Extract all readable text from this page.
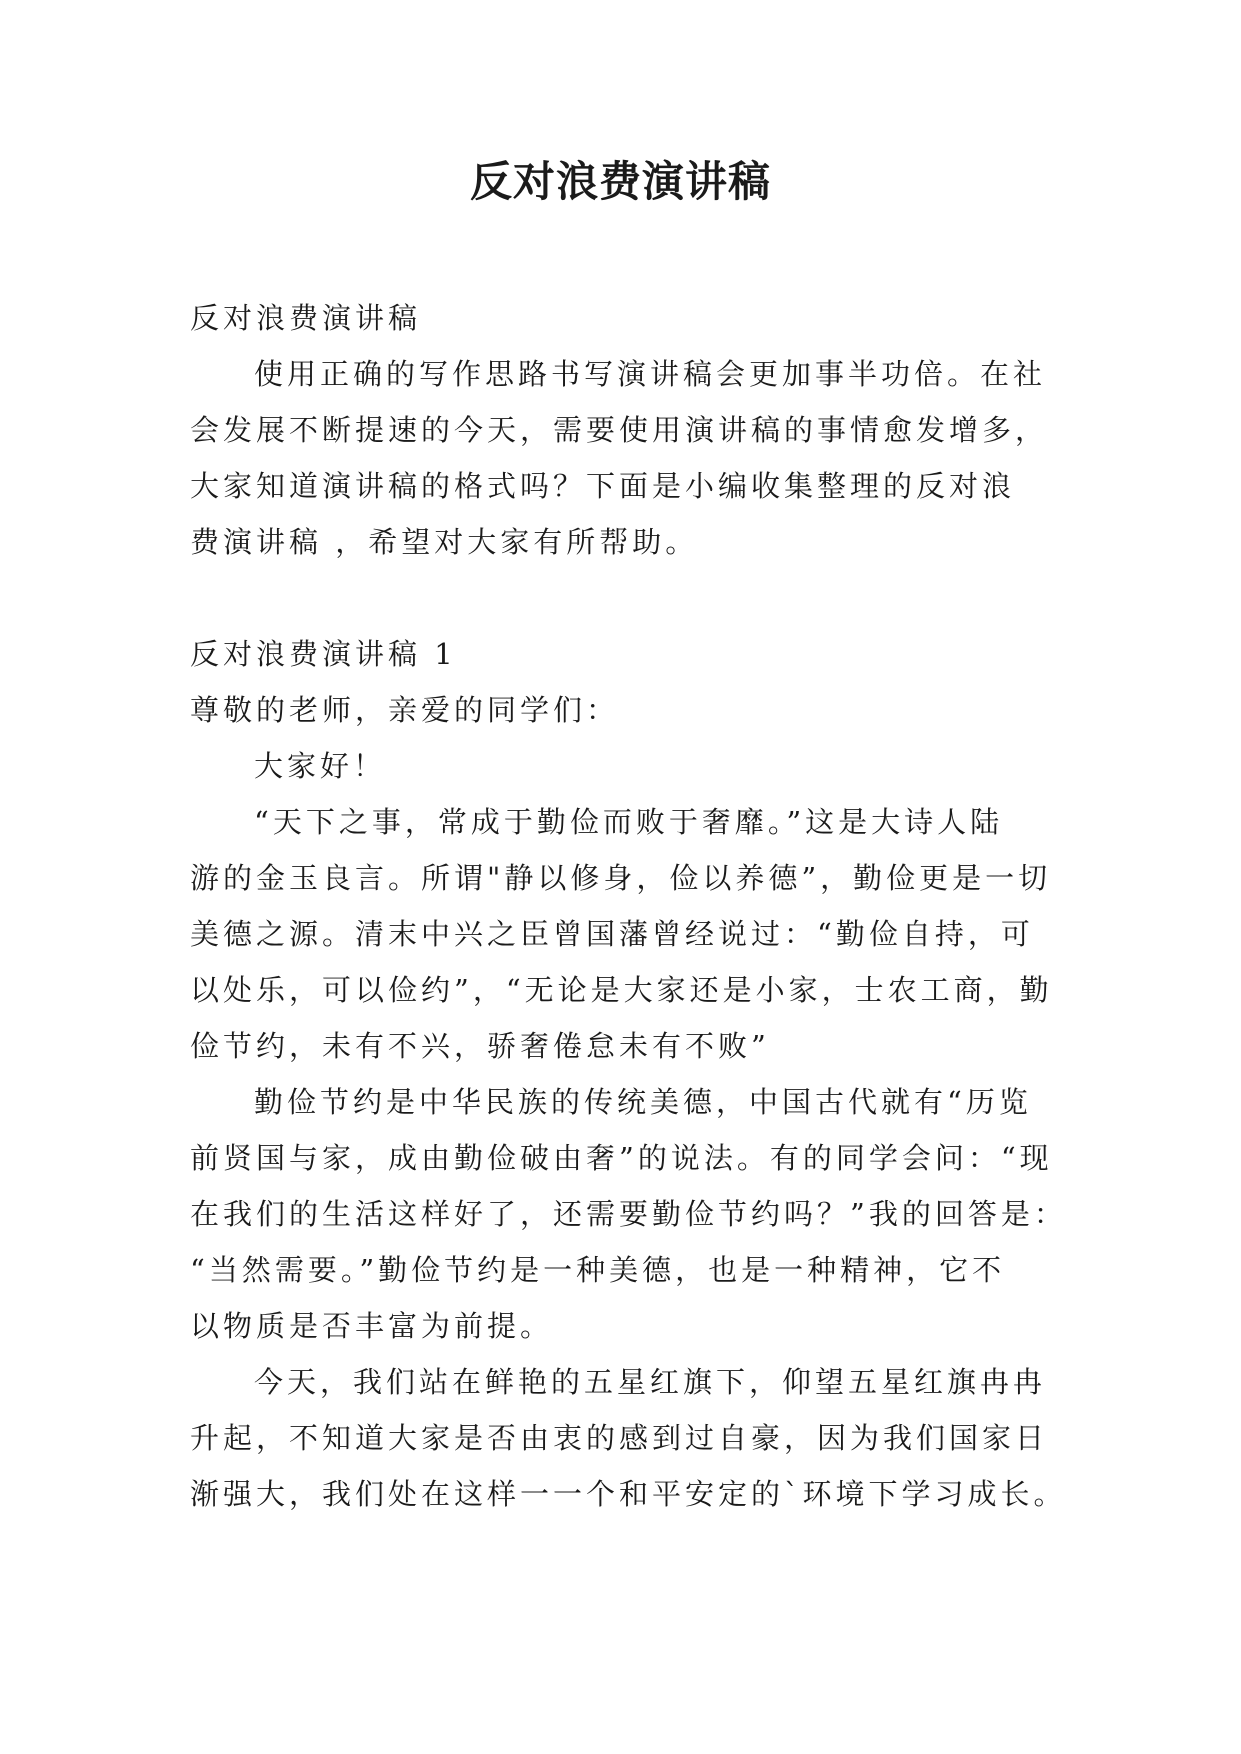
反对浪费演讲稿

反对浪费演讲稿

使用正确的写作思路书写演讲稿会更加事半功倍。在社

会发展不断提速的今天，需要使用演讲稿的事情愈发增多，

大家知道演讲稿的格式吗？下面是小编收集整理的反对浪

费演讲稿 ，希望对大家有所帮助。

反对浪费演讲稿 1

尊敬的老师，亲爱的同学们：

大家好！

“天下之事，常成于勤俭而败于奢靡。”这是大诗人陆

游的金玉良言。所谓"静以修身，俭以养德”，勤俭更是一切

美德之源。清末中兴之臣曾国藩曾经说过：“勤俭自持，可

以处乐，可以俭约”，“无论是大家还是小家，士农工商，勤

俭节约，未有不兴，骄奢倦怠未有不败”

勤俭节约是中华民族的传统美德，中国古代就有“历览

前贤国与家，成由勤俭破由奢”的说法。有的同学会问：“现

在我们的生活这样好了，还需要勤俭节约吗？”我的回答是：

“当然需要。”勤俭节约是一种美德，也是一种精神，它不

以物质是否丰富为前提。

今天，我们站在鲜艳的五星红旗下，仰望五星红旗冉冉

升起，不知道大家是否由衷的感到过自豪，因为我们国家日

渐强大，我们处在这样一一个和平安定的`环境下学习成长。
